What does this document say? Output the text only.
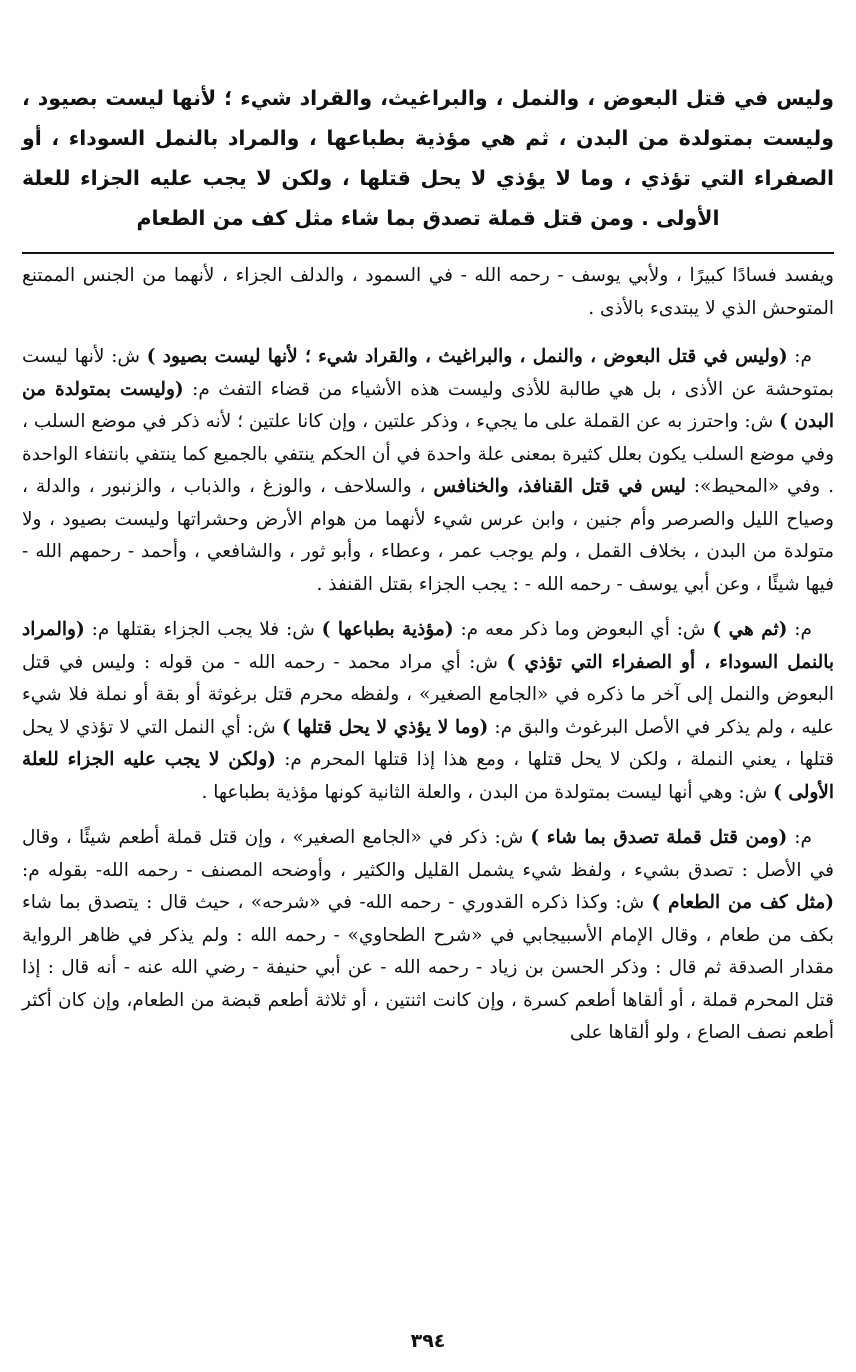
وليس في قتل البعوض ، والنمل ، والبراغيث، والقراد شيء ؛ لأنها ليست بصيود ، وليست بمتولدة من البدن ، ثم هي مؤذية بطباعها ، والمراد بالنمل السوداء ، أو الصفراء التي تؤذي ، وما لا يؤذي لا يحل قتلها ، ولكن لا يجب عليه الجزاء للعلة الأولى . ومن قتل قملة تصدق بما شاء مثل كف من الطعام

ويفسد فسادًا كبيرًا ، ولأبي يوسف - رحمه الله - في السمود ، والدلف الجزاء ، لأنهما من الجنس الممتنع المتوحش الذي لا يبتدىء بالأذى .

م: (وليس في قتل البعوض ، والنمل ، والبراغيث ، والقراد شيء ؛ لأنها ليست بصيود ) ش: لأنها ليست بمتوحشة عن الأذى ، بل هي طالبة للأذى وليست هذه الأشياء من قضاء التفث م: (وليست بمتولدة من البدن ) ش: واحترز به عن القملة على ما يجيء ، وذكر علتين ، وإن كانا علتين ؛ لأنه ذكر في موضع السلب ، وفي موضع السلب يكون بعلل كثيرة بمعنى علة واحدة في أن الحكم ينتفي بالجميع كما ينتفي بانتفاء الواحدة . وفي «المحيط»: ليس في قتل القنافذ، والخنافس ، والسلاحف ، والوزغ ، والذباب ، والزنبور ، والدلة ، وصياح الليل والصرصر وأم جنين ، وابن عرس شيء لأنهما من هوام الأرض وحشراتها وليست بصيود ، ولا متولدة من البدن ، بخلاف القمل ، ولم يوجب عمر ، وعطاء ، وأبو ثور ، والشافعي ، وأحمد - رحمهم الله - فيها شيئًا ، وعن أبي يوسف - رحمه الله - : يجب الجزاء بقتل القنفذ .

م: (ثم هي ) ش: أي البعوض وما ذكر معه م: (مؤذية بطباعها ) ش: فلا يجب الجزاء بقتلها م: (والمراد بالنمل السوداء ، أو الصفراء التي تؤذي ) ش: أي مراد محمد - رحمه الله - من قوله : وليس في قتل البعوض والنمل إلى آخر ما ذكره في «الجامع الصغير» ، ولفظه محرم قتل برغوثة أو بقة أو نملة فلا شيء عليه ، ولم يذكر في الأصل البرغوث والبق م: (وما لا يؤذي لا يحل قتلها ) ش: أي النمل التي لا تؤذي لا يحل قتلها ، يعني النملة ، ولكن لا يحل قتلها ، ومع هذا إذا قتلها المحرم م: (ولكن لا يجب عليه الجزاء للعلة الأولى ) ش: وهي أنها ليست بمتولدة من البدن ، والعلة الثانية كونها مؤذية بطباعها .

م: (ومن قتل قملة تصدق بما شاء ) ش: ذكر في «الجامع الصغير» ، وإن قتل قملة أطعم شيئًا ، وقال في الأصل : تصدق بشيء ، ولفظ شيء يشمل القليل والكثير ، وأوضحه المصنف - رحمه الله- بقوله م: (مثل كف من الطعام ) ش: وكذا ذكره القدوري - رحمه الله- في «شرحه» ، حيث قال : يتصدق بما شاء بكف من طعام ، وقال الإمام الأسبيجابي في «شرح الطحاوي» - رحمه الله : ولم يذكر في ظاهر الرواية مقدار الصدقة ثم قال : وذكر الحسن بن زياد - رحمه الله - عن أبي حنيفة - رضي الله عنه - أنه قال : إذا قتل المحرم قملة ، أو ألقاها أطعم كسرة ، وإن كانت اثنتين ، أو ثلاثة أطعم قبضة من الطعام، وإن كان أكثر أطعم نصف الصاع ، ولو ألقاها على

٣٩٤
